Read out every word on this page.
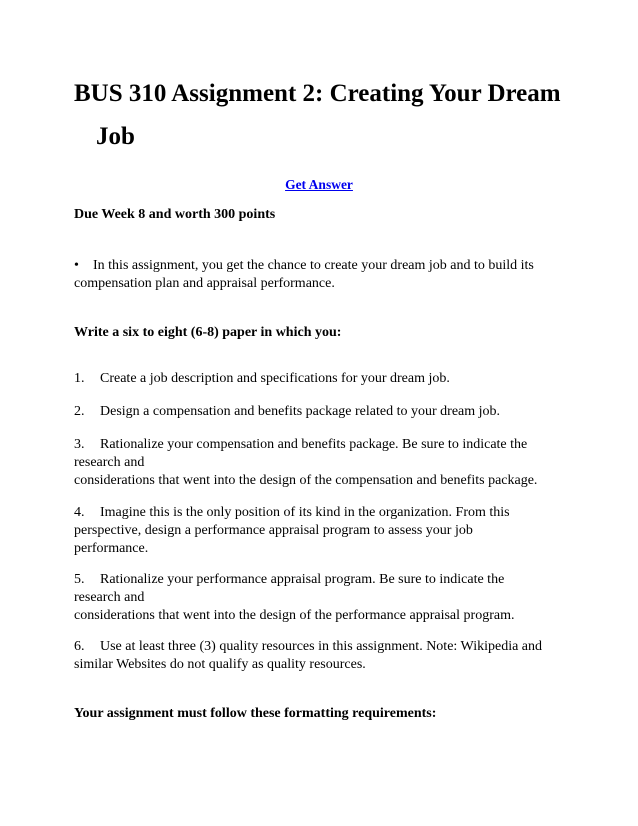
BUS 310 Assignment 2: Creating Your Dream
Job
Get Answer

Due Week 8 and worth 300 points

• In this assignment, you get the chance to create your dream job and to build its
compensation plan and appraisal performance.

Write a six to eight (6-8) paper in which you:

1. Create a job description and specifications for your dream job.

2. Design a compensation and benefits package related to your dream job.

3. Rationalize your compensation and benefits package. Be sure to indicate the
research and
considerations that went into the design of the compensation and benefits package.

4. Imagine this is the only position of its kind in the organization. From this
perspective, design a performance appraisal program to assess your job
performance.

5. Rationalize your performance appraisal program. Be sure to indicate the
research and
considerations that went into the design of the performance appraisal program.

6. Use at least three (3) quality resources in this assignment. Note: Wikipedia and
similar Websites do not qualify as quality resources.

Your assignment must follow these formatting requirements:
